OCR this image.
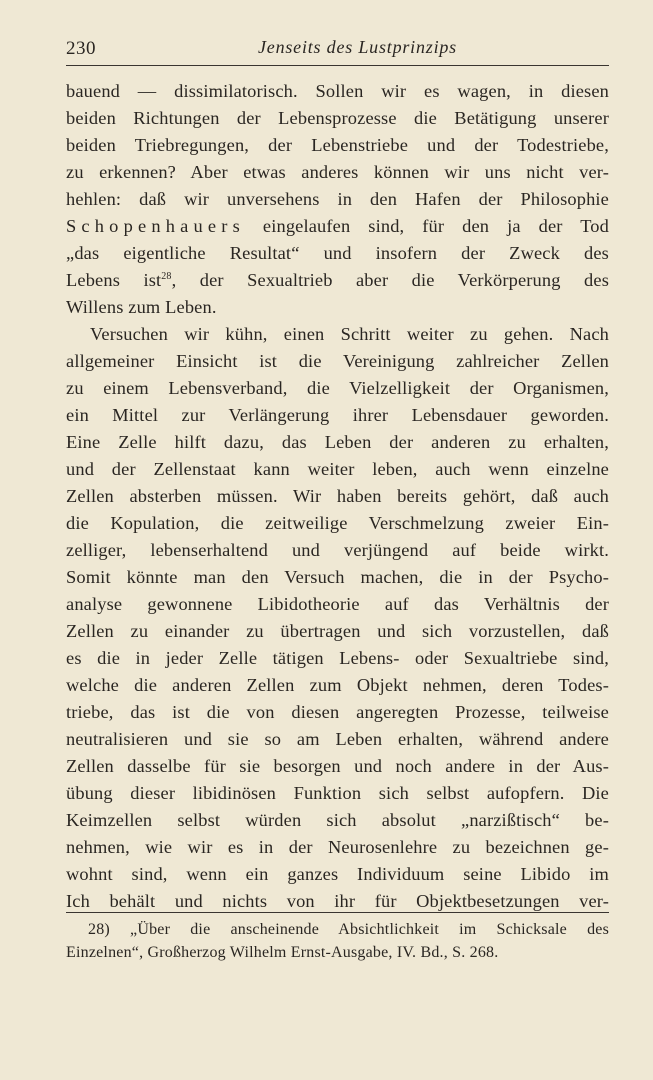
230	Jenseits des Lustprinzips
bauend — dissimilatorisch. Sollen wir es wagen, in diesen
beiden Richtungen der Lebensprozesse die Betätigung unserer
beiden Triebregungen, der Lebenstriebe und der Todestriebe,
zu erkennen? Aber etwas anderes können wir uns nicht ver-
hehlen: daß wir unversehens in den Hafen der Philosophie
Schopenhauers eingelaufen sind, für den ja der Tod
„das eigentliche Resultat“ und insofern der Zweck des
Lebens ist$^{28}$, der Sexualtrieb aber die Verkörperung des
Willens zum Leben.
Versuchen wir kühn, einen Schritt weiter zu gehen. Nach
allgemeiner Einsicht ist die Vereinigung zahlreicher Zellen
zu einem Lebensverband, die Vielzelligkeit der Organismen,
ein Mittel zur Verlängerung ihrer Lebensdauer geworden.
Eine Zelle hilft dazu, das Leben der anderen zu erhalten,
und der Zellenstaat kann weiter leben, auch wenn einzelne
Zellen absterben müssen. Wir haben bereits gehört, daß auch
die Kopulation, die zeitweilige Verschmelzung zweier Ein-
zelliger, lebenserhaltend und verjüngend auf beide wirkt.
Somit könnte man den Versuch machen, die in der Psycho-
analyse gewonnene Libidotheorie auf das Verhältnis der
Zellen zu einander zu übertragen und sich vorzustellen, daß
es die in jeder Zelle tätigen Lebens- oder Sexualtriebe sind,
welche die anderen Zellen zum Objekt nehmen, deren Todes-
triebe, das ist die von diesen angeregten Prozesse, teilweise
neutralisieren und sie so am Leben erhalten, während andere
Zellen dasselbe für sie besorgen und noch andere in der Aus-
übung dieser libidinösen Funktion sich selbst aufopfern. Die
Keimzellen selbst würden sich absolut „narzißtisch“ be-
nehmen, wie wir es in der Neurosenlehre zu bezeichnen ge-
wohnt sind, wenn ein ganzes Individuum seine Libido im
Ich behält und nichts von ihr für Objektbesetzungen ver-
28) „Über die anscheinende Absichtlichkeit im Schicksale des
Einzelnen“, Großherzog Wilhelm Ernst-Ausgabe, IV. Bd., S. 268.
